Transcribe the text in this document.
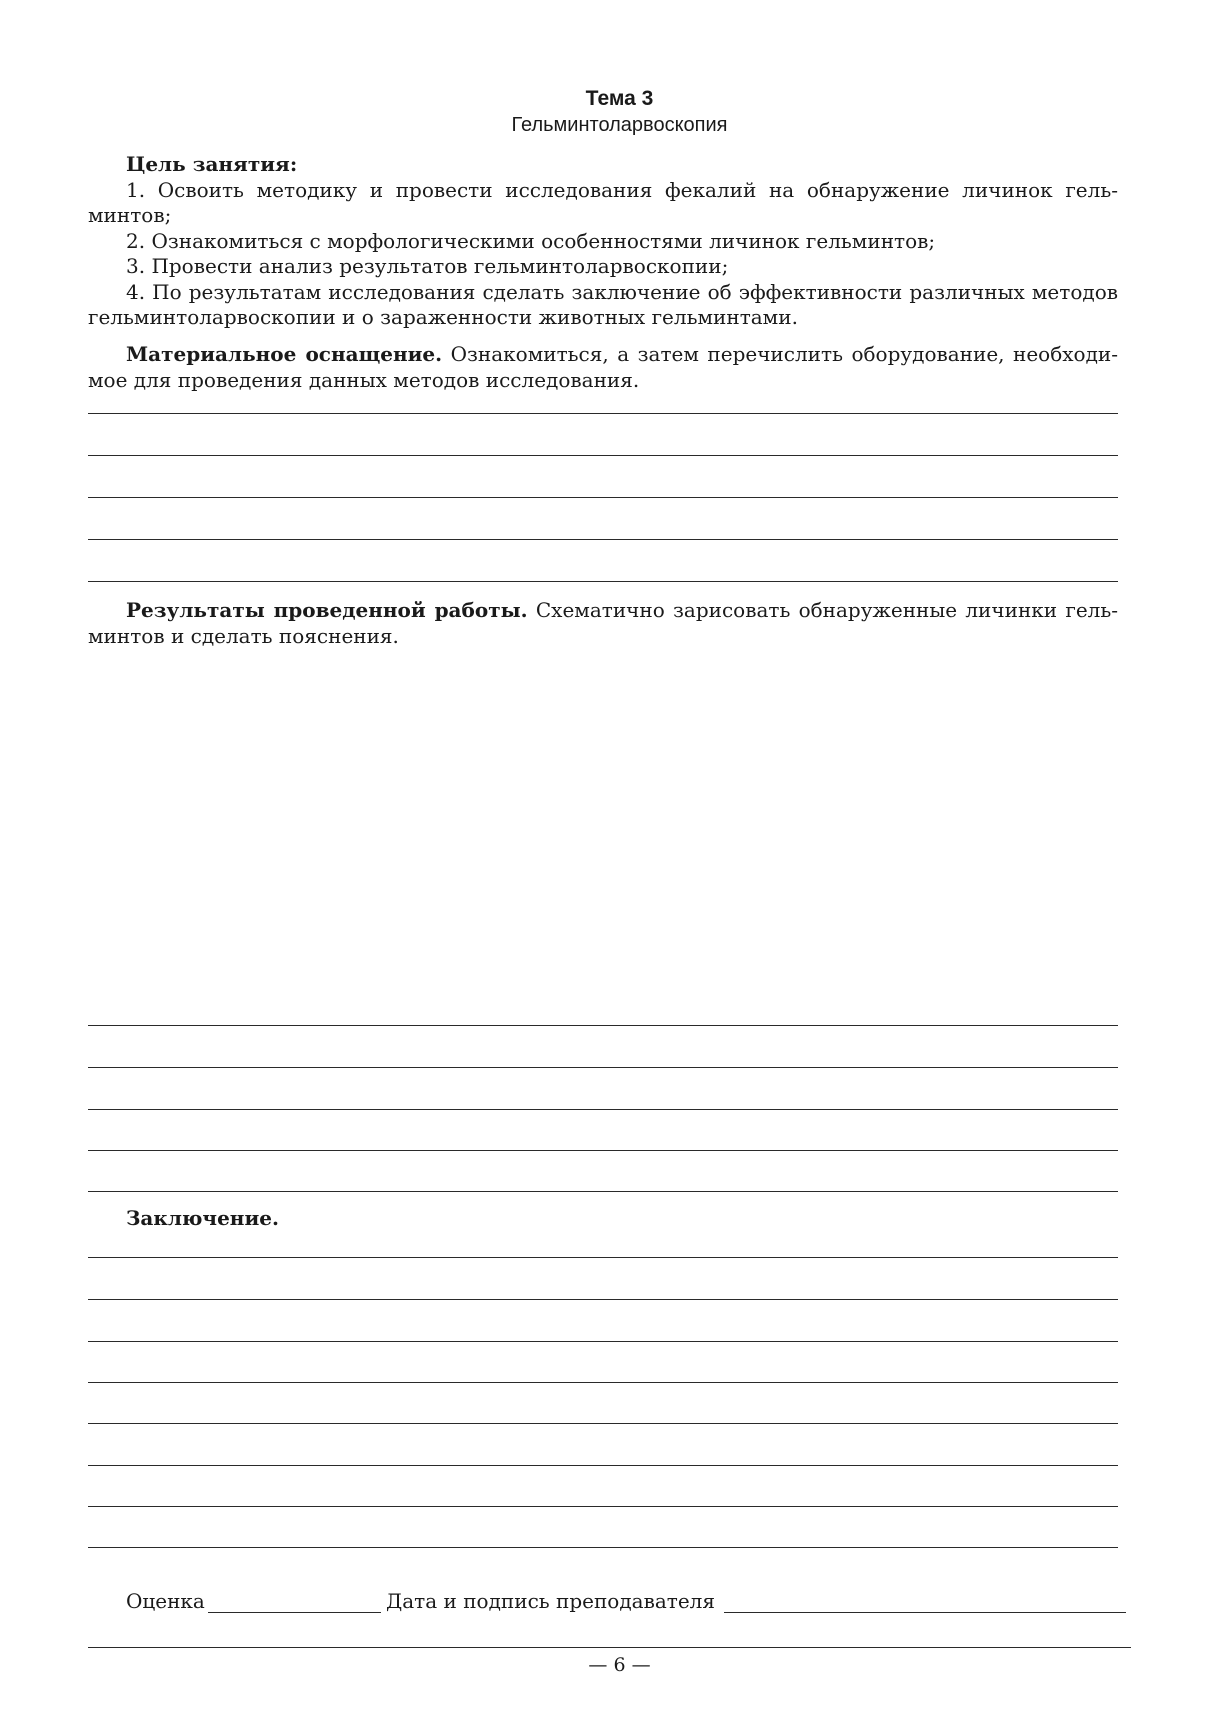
Тема 3
Гельминтоларвоскопия

Цель занятия:

1. Освоить методику и провести исследования фекалий на обнаружение личинок гельминтов;

2. Ознакомиться с морфологическими особенностями личинок гельминтов;

3. Провести анализ результатов гельминтоларвоскопии;

4. По результатам исследования сделать заключение об эффективности различных методов гельминтоларвоскопии и о зараженности животных гельминтами.

Материальное оснащение. Ознакомиться, а затем перечислить оборудование, необходимое для проведения данных методов исследования.

Результаты проведенной работы. Схематично зарисовать обнаруженные личинки гельминтов и сделать пояснения.

Заключение.
Оценка	Дата и подпись преподавателя
— 6 —
